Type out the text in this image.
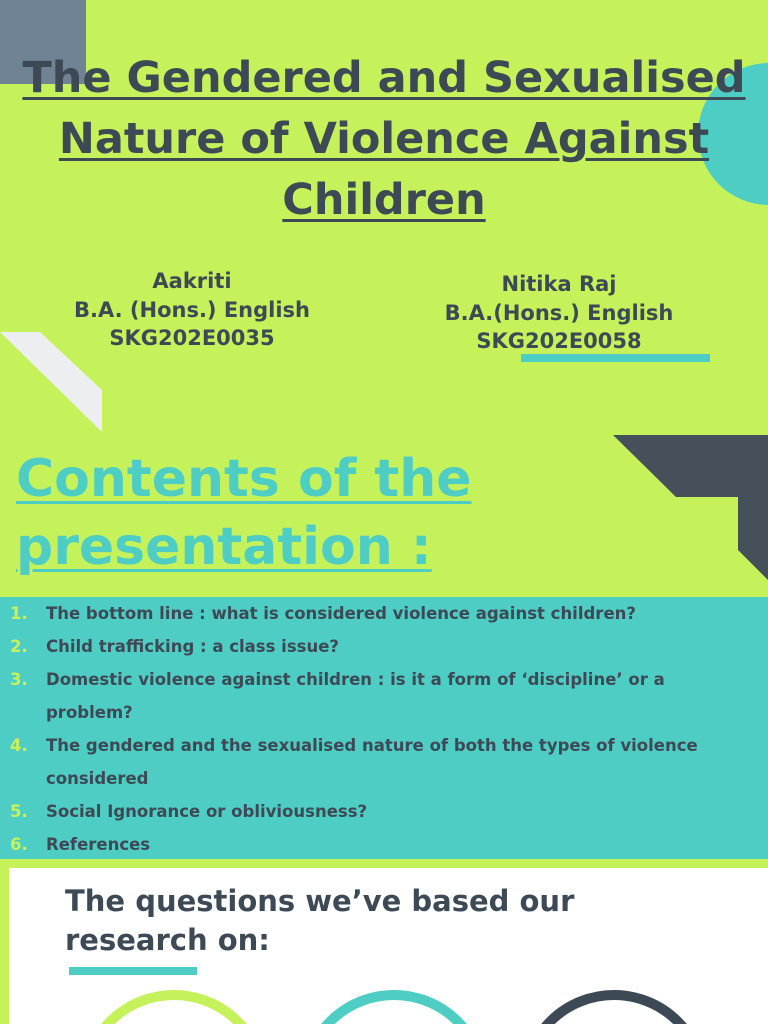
The Gendered and Sexualised Nature of Violence Against Children
Aakriti
B.A. (Hons.) English
SKG202E0035
Nitika Raj
B.A.(Hons.) English
SKG202E0058
Contents of the presentation :
1. The bottom line : what is considered violence against children?
2. Child trafficking : a class issue?
3. Domestic violence against children : is it a form of ‘discipline’ or a problem?
4. The gendered and the sexualised nature of both the types of violence considered
5. Social Ignorance or obliviousness?
6. References
The questions we’ve based our research on:
